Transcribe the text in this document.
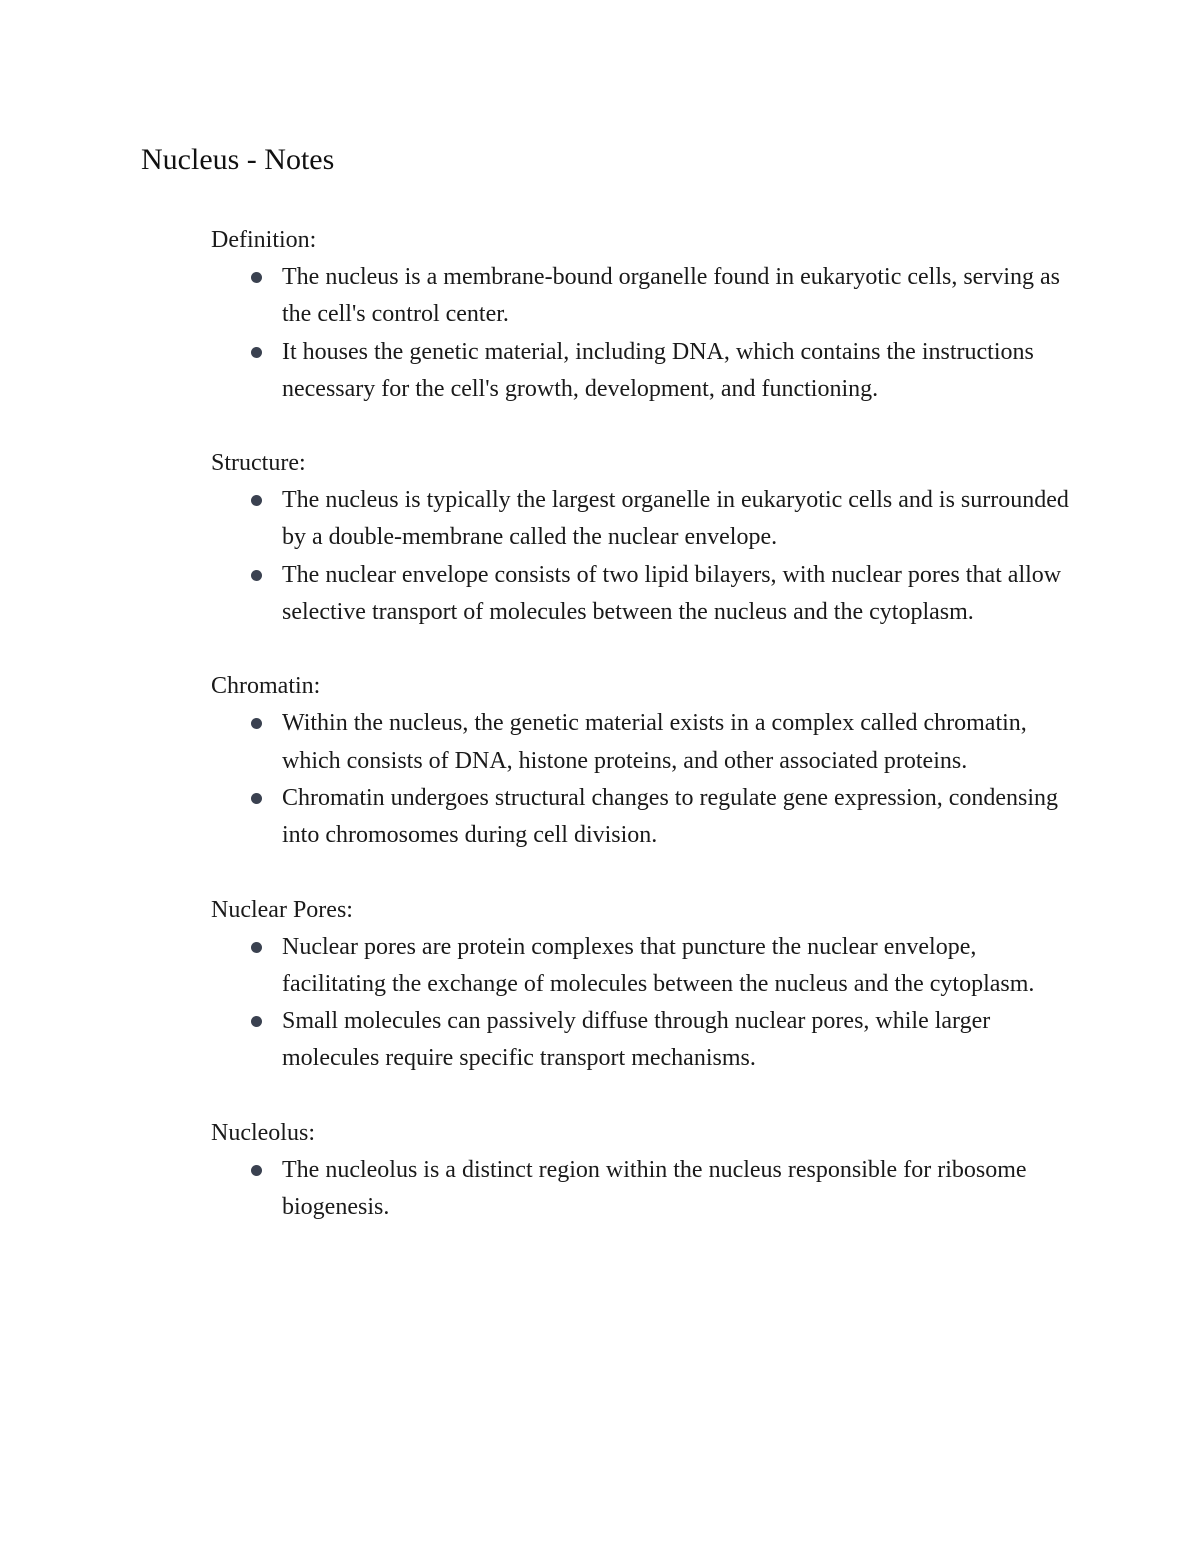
Nucleus - Notes

Definition:

The nucleus is a membrane-bound organelle found in eukaryotic cells, serving as the cell's control center.
It houses the genetic material, including DNA, which contains the instructions necessary for the cell's growth, development, and functioning.

Structure:

The nucleus is typically the largest organelle in eukaryotic cells and is surrounded by a double-membrane called the nuclear envelope.
The nuclear envelope consists of two lipid bilayers, with nuclear pores that allow selective transport of molecules between the nucleus and the cytoplasm.

Chromatin:

Within the nucleus, the genetic material exists in a complex called chromatin, which consists of DNA, histone proteins, and other associated proteins.
Chromatin undergoes structural changes to regulate gene expression, condensing into chromosomes during cell division.

Nuclear Pores:

Nuclear pores are protein complexes that puncture the nuclear envelope, facilitating the exchange of molecules between the nucleus and the cytoplasm.
Small molecules can passively diffuse through nuclear pores, while larger molecules require specific transport mechanisms.

Nucleolus:

The nucleolus is a distinct region within the nucleus responsible for ribosome biogenesis.
